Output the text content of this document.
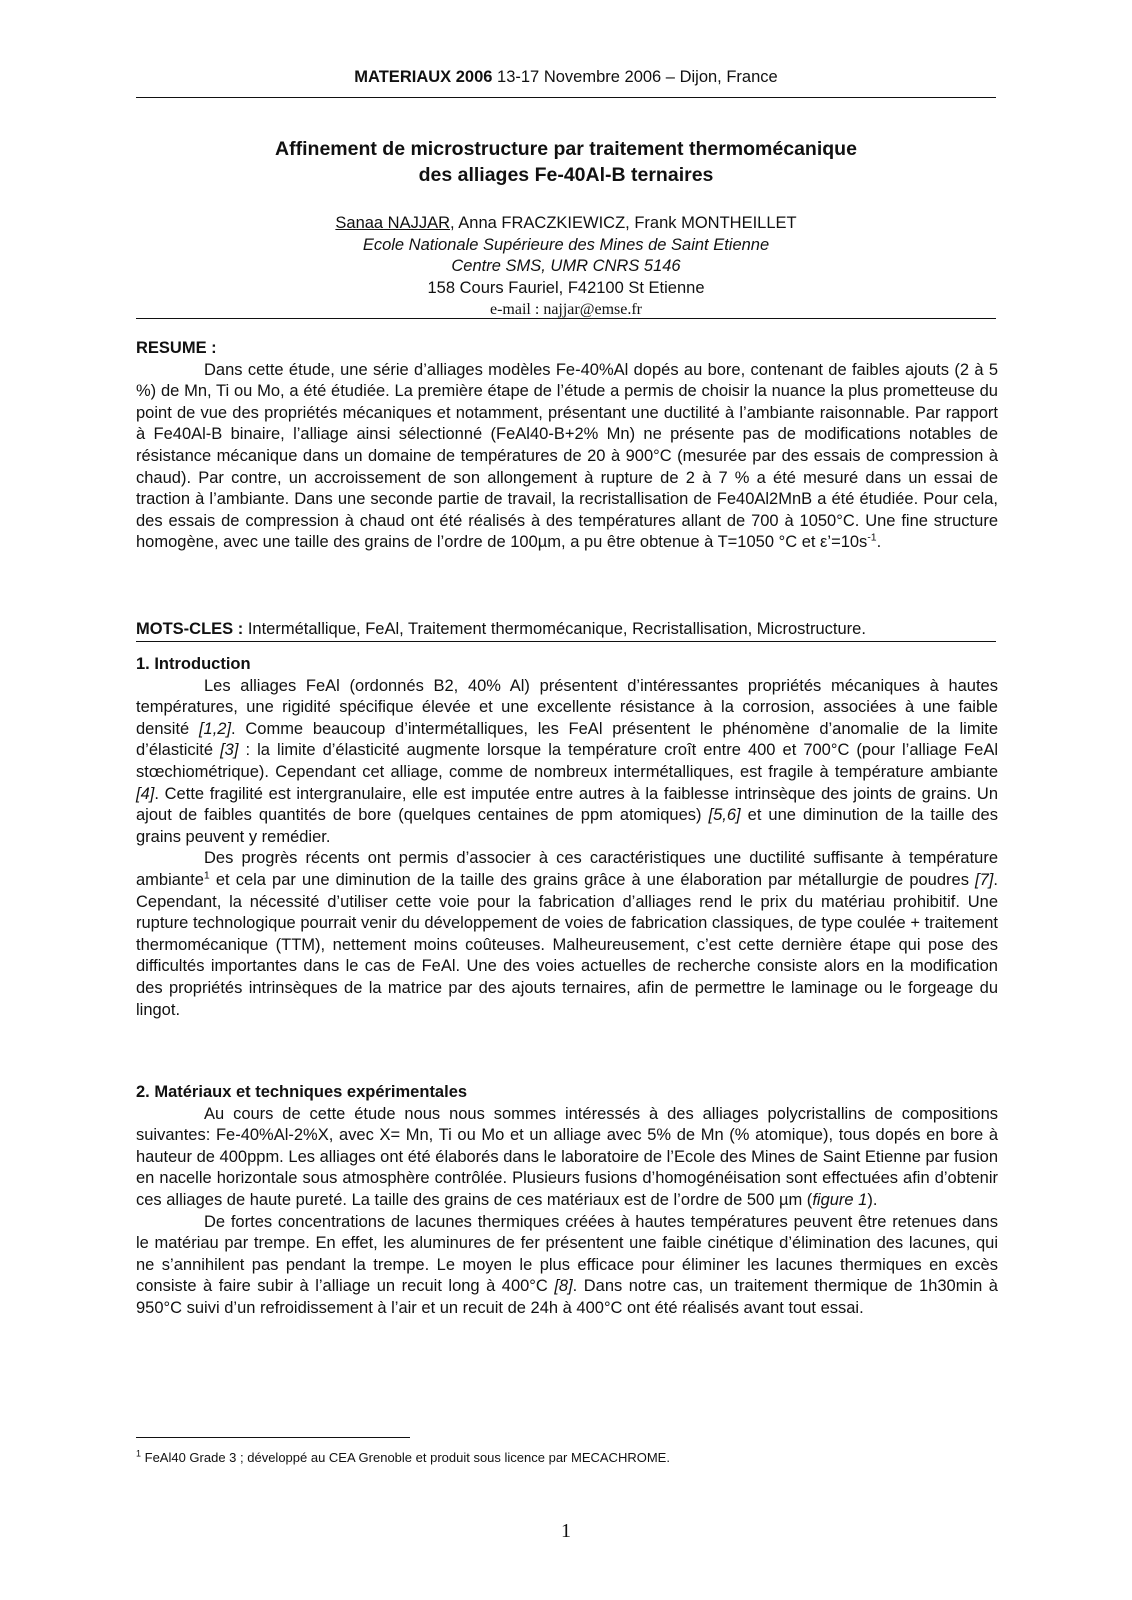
MATERIAUX 2006 13-17 Novembre 2006 – Dijon, France
Affinement de microstructure par traitement thermomécanique
des alliages Fe-40Al-B ternaires
Sanaa NAJJAR, Anna FRACZKIEWICZ, Frank MONTHEILLET
Ecole Nationale Supérieure des Mines de Saint Etienne
Centre SMS, UMR CNRS 5146
158 Cours Fauriel, F42100 St Etienne
e-mail : najjar@emse.fr
RESUME :

Dans cette étude, une série d’alliages modèles Fe-40%Al dopés au bore, contenant de faibles ajouts (2 à 5 %) de Mn, Ti ou Mo, a été étudiée. La première étape de l’étude a permis de choisir la nuance la plus prometteuse du point de vue des propriétés mécaniques et notamment, présentant une ductilité à l’ambiante raisonnable. Par rapport à Fe40Al-B binaire, l’alliage ainsi sélectionné (FeAl40-B+2% Mn) ne présente pas de modifications notables de résistance mécanique dans un domaine de températures de 20 à 900°C (mesurée par des essais de compression à chaud). Par contre, un accroissement de son allongement à rupture de 2 à 7 % a été mesuré dans un essai de traction à l’ambiante. Dans une seconde partie de travail, la recristallisation de Fe40Al2MnB a été étudiée. Pour cela, des essais de compression à chaud ont été réalisés à des températures allant de 700 à 1050°C. Une fine structure homogène, avec une taille des grains de l’ordre de 100µm, a pu être obtenue à T=1050 °C et $\varepsilon’=10s^{-1}$.

MOTS-CLES : Intermétallique, FeAl, Traitement thermomécanique, Recristallisation, Microstructure.
1. Introduction

Les alliages FeAl (ordonnés B2, 40% Al) présentent d’intéressantes propriétés mécaniques à hautes températures, une rigidité spécifique élevée et une excellente résistance à la corrosion, associées à une faible densité [1,2]. Comme beaucoup d’intermétalliques, les FeAl présentent le phénomène d’anomalie de la limite d’élasticité [3] : la limite d’élasticité augmente lorsque la température croît entre 400 et 700°C (pour l’alliage FeAl stœchiométrique). Cependant cet alliage, comme de nombreux intermétalliques, est fragile à température ambiante [4]. Cette fragilité est intergranulaire, elle est imputée entre autres à la faiblesse intrinsèque des joints de grains. Un ajout de faibles quantités de bore (quelques centaines de ppm atomiques) [5,6] et une diminution de la taille des grains peuvent y remédier.

Des progrès récents ont permis d’associer à ces caractéristiques une ductilité suffisante à température ambiante$^1$ et cela par une diminution de la taille des grains grâce à une élaboration par métallurgie de poudres [7]. Cependant, la nécessité d’utiliser cette voie pour la fabrication d’alliages rend le prix du matériau prohibitif. Une rupture technologique pourrait venir du développement de voies de fabrication classiques, de type coulée + traitement thermomécanique (TTM), nettement moins coûteuses. Malheureusement, c’est cette dernière étape qui pose des difficultés importantes dans le cas de FeAl. Une des voies actuelles de recherche consiste alors en la modification des propriétés intrinsèques de la matrice par des ajouts ternaires, afin de permettre le laminage ou le forgeage du lingot.

2. Matériaux et techniques expérimentales

Au cours de cette étude nous nous sommes intéressés à des alliages polycristallins de compositions suivantes: Fe-40%Al-2%X, avec X= Mn, Ti ou Mo et un alliage avec 5% de Mn (% atomique), tous dopés en bore à hauteur de 400ppm. Les alliages ont été élaborés dans le laboratoire de l’Ecole des Mines de Saint Etienne par fusion en nacelle horizontale sous atmosphère contrôlée. Plusieurs fusions d’homogénéisation sont effectuées afin d’obtenir ces alliages de haute pureté. La taille des grains de ces matériaux est de l’ordre de 500 µm (figure 1).

De fortes concentrations de lacunes thermiques créées à hautes températures peuvent être retenues dans le matériau par trempe. En effet, les aluminures de fer présentent une faible cinétique d’élimination des lacunes, qui ne s’annihilent pas pendant la trempe. Le moyen le plus efficace pour éliminer les lacunes thermiques en excès consiste à faire subir à l’alliage un recuit long à 400°C [8]. Dans notre cas, un traitement thermique de 1h30min à 950°C suivi d’un refroidissement à l’air et un recuit de 24h à 400°C ont été réalisés avant tout essai.

$^1$ FeAl40 Grade 3 ; développé au CEA Grenoble et produit sous licence par MECACHROME.
1
